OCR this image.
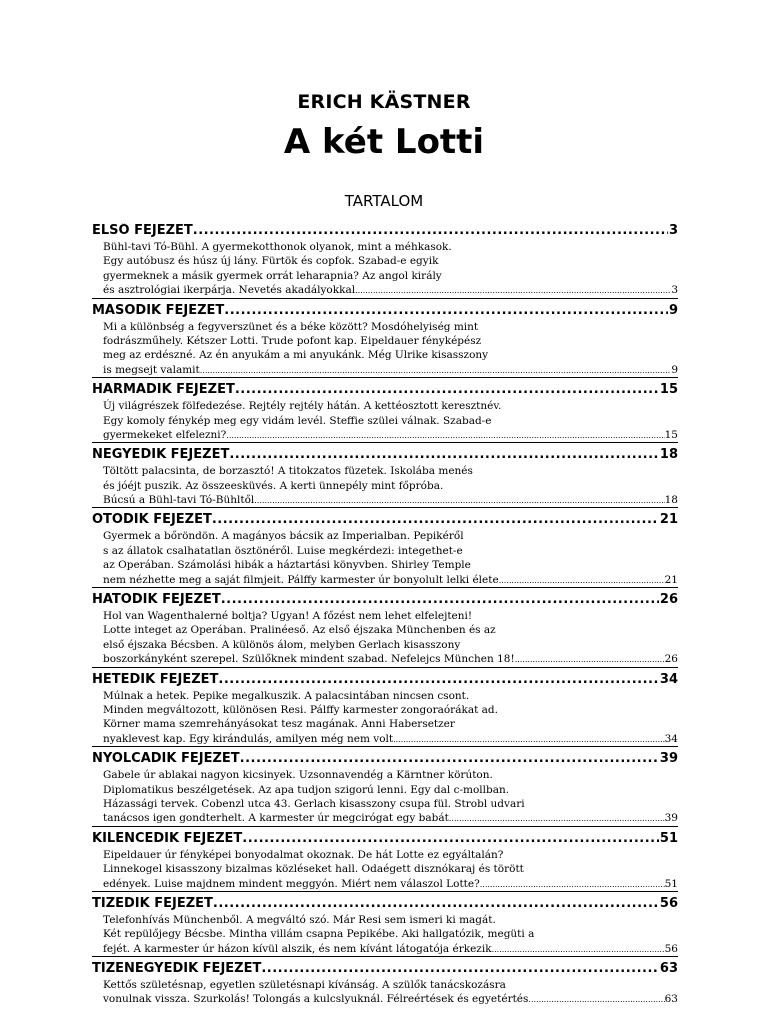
ERICH KÄSTNER
A két Lotti
TARTALOM
ELSŐ FEJEZET .....	3
Bühl-tavi Tó-Bühl. A gyermekotthonok olyanok, mint a méhkasok.
Egy autóbusz és húsz új lány. Fürtök és copfok. Szabad-e egyik
gyermeknek a másik gyermek orrát leharapnia? Az angol király
és asztrológiai ikerpárja. Nevetés akadályokkal .....	3
MÁSODIK FEJEZET .....	9
Mi a különbség a fegyverszünet és a béke között? Mosdóhelyiség mint
fodrászműhely. Kétszer Lotti. Trude pofont kap. Eipeldauer fényképész
meg az erdészné. Az én anyukám a mi anyukánk. Még Ulrike kisasszony
is megsejt valamit .....	9
HARMADIK FEJEZET .....	15
Új világrészek fölfedezése. Rejtély rejtély hátán. A kettéosztott keresztnév.
Egy komoly fénykép meg egy vidám levél. Steffie szülei válnak. Szabad-e
gyermekeket elfelezni? .....	15
NEGYEDIK FEJEZET .....	18
Töltött palacsinta, de borzasztó! A titokzatos füzetek. Iskolába menés
és jóéjt puszik. Az összeesküvés. A kerti ünnepély mint főpróba.
Búcsú a Bühl-tavi Tó-Bühltől .....	18
ÖTÖDIK FEJEZET .....	21
Gyermek a bőröndön. A magányos bácsik az Imperialban. Pepikéről
s az állatok csalhatatlan ösztönéről. Luise megkérdezi: integethet-e
az Operában. Számolási hibák a háztartási könyvben. Shirley Temple
nem nézhette meg a saját filmjeit. Pálffy karmester úr bonyolult lelki élete .....	21
HATODIK FEJEZET .....	26
Hol van Wagenthalerné boltja? Ugyan! A főzést nem lehet elfelejteni!
Lotte integet az Operában. Pralinéeső. Az első éjszaka Münchenben és az
első éjszaka Bécsben. A különös álom, melyben Gerlach kisasszony
boszorkányként szerepel. Szülőknek mindent szabad. Nefelejcs München 18! .....	26
HETEDIK FEJEZET .....	34
Múlnak a hetek. Pepike megalkuszik. A palacsintában nincsen csont.
Minden megváltozott, különösen Resi. Pálffy karmester zongoraórákat ad.
Körner mama szemrehányásokat tesz magának. Anni Habersetzer
nyaklevest kap. Egy kirándulás, amilyen még nem volt .....	34
NYOLCADIK FEJEZET .....	39
Gabele úr ablakai nagyon kicsinyek. Uzsonnavendég a Kärntner körúton.
Diplomatikus beszélgetések. Az apa tudjon szigorú lenni. Egy dal c-mollban.
Házassági tervek. Cobenzl utca 43. Gerlach kisasszony csupa fül. Strobl udvari
tanácsos igen gondterhelt. A karmester úr megcirógat egy babát .....	39
KILENCEDIK FEJEZET .....	51
Eipeldauer úr fényképei bonyodalmat okoznak. De hát Lotte ez egyáltalán?
Linnekogel kisasszony bizalmas közléseket hall. Odaégett disznókaraj és törött
edények. Luise majdnem mindent meggyón. Miért nem válaszol Lotte? .....	51
TIZEDIK FEJEZET .....	56
Telefonhívás Münchenből. A megváltó szó. Már Resi sem ismeri ki magát.
Két repülőjegy Bécsbe. Mintha villám csapna Pepikébe. Aki hallgatózik, megüti a
fejét. A karmester úr házon kívül alszik, és nem kívánt látogatója érkezik .....	56
TIZENEGYEDIK FEJEZET .....	63
Kettős születésnap, egyetlen születésnapi kívánság. A szülők tanácskozásra
vonulnak vissza. Szurkolás! Tolongás a kulcslyuknál. Félreértések és egyetértés .....	63
